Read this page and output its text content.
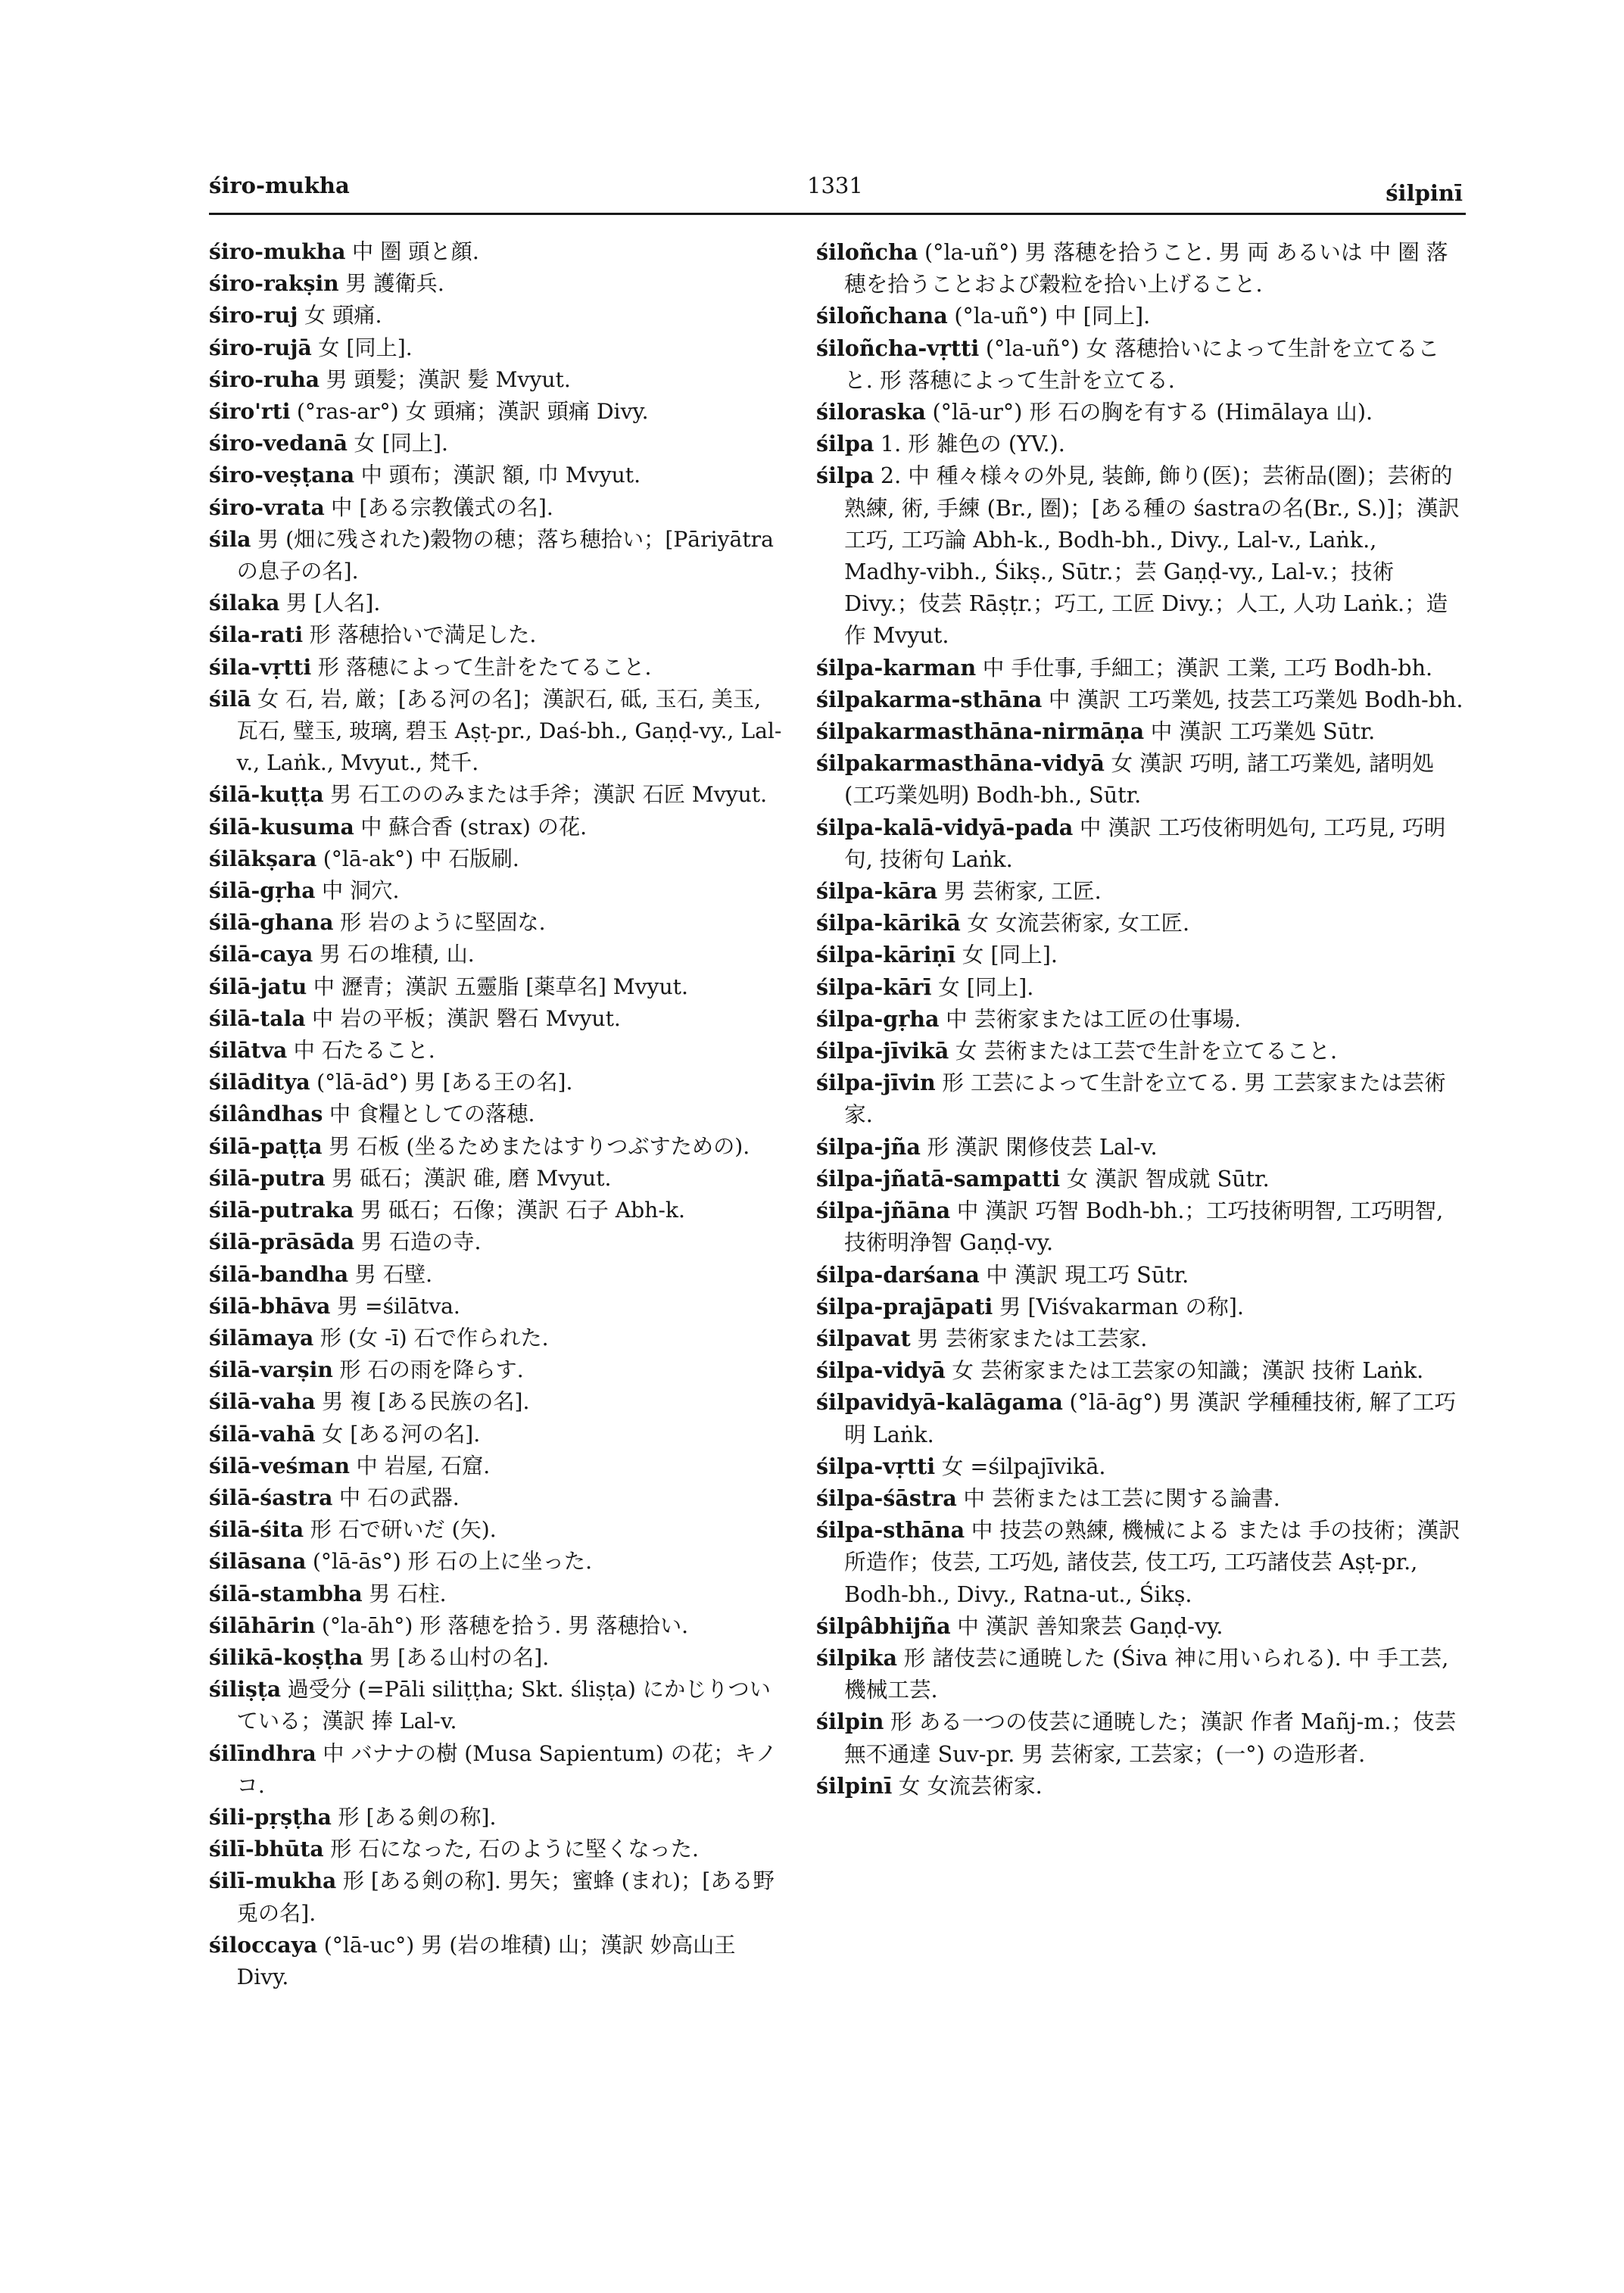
śiro-mukha	1331	śilpinī

śiro-mukha 中 圏 頭と顔.

śiro-rakṣin 男 護衛兵.

śiro-ruj 女 頭痛.

śiro-rujā 女 [同上].

śiro-ruha 男 頭髪；漢訳 髪 Mvyut.

śiro'rti (°ras-ar°) 女 頭痛；漢訳 頭痛 Divy.

śiro-vedanā 女 [同上].

śiro-veṣṭana 中 頭布；漢訳 額, 巾 Mvyut.

śiro-vrata 中 [ある宗教儀式の名].

śila 男 (畑に残された)穀物の穂；落ち穂拾い；[Pāriyātra の息子の名].

śilaka 男 [人名].

śila-rati 形 落穂拾いで満足した.

śila-vṛtti 形 落穂によって生計をたてること.

śilā 女 石, 岩, 厳；[ある河の名]；漢訳石, 砥, 玉石, 美玉, 瓦石, 璧玉, 玻璃, 碧玉 Aṣṭ-pr., Daś-bh., Gaṇḍ-vy., Lal-v., Laṅk., Mvyut., 梵千.

śilā-kuṭṭa 男 石工ののみまたは手斧；漢訳 石匠 Mvyut.

śilā-kusuma 中 蘇合香 (strax) の花.

śilākṣara (°lā-ak°) 中 石版刷.

śilā-gṛha 中 洞穴.

śilā-ghana 形 岩のように堅固な.

śilā-caya 男 石の堆積, 山.

śilā-jatu 中 瀝青；漢訳 五靈脂 [薬草名] Mvyut.

śilā-tala 中 岩の平板；漢訳 䃜石 Mvyut.

śilātva 中 石たること.

śilāditya (°lā-ād°) 男 [ある王の名].

śilândhas 中 食糧としての落穂.

śilā-paṭṭa 男 石板 (坐るためまたはすりつぶすための).

śilā-putra 男 砥石；漢訳 碓, 磨 Mvyut.

śilā-putraka 男 砥石；石像；漢訳 石子 Abh-k.

śilā-prāsāda 男 石造の寺.

śilā-bandha 男 石壁.

śilā-bhāva 男 =śilātva.

śilāmaya 形 (女 -ī) 石で作られた.

śilā-varṣin 形 石の雨を降らす.

śilā-vaha 男 複 [ある民族の名].

śilā-vahā 女 [ある河の名].

śilā-veśman 中 岩屋, 石窟.

śilā-śastra 中 石の武器.

śilā-śita 形 石で研いだ (矢).

śilāsana (°lā-ās°) 形 石の上に坐った.

śilā-stambha 男 石柱.

śilāhārin (°la-āh°) 形 落穂を拾う. 男 落穂拾い.

śilikā-koṣṭha 男 [ある山村の名].

śiliṣṭa 過受分 (=Pāli siliṭṭha; Skt. śliṣṭa) にかじりついている；漢訳 捧 Lal-v.

śilīndhra 中 バナナの樹 (Musa Sapientum) の花；キノコ.

śili-pṛṣṭha 形 [ある剣の称].

śilī-bhūta 形 石になった, 石のように堅くなった.

śilī-mukha 形 [ある剣の称]. 男矢；蜜蜂 (まれ)；[ある野兎の名].

śiloccaya (°lā-uc°) 男 (岩の堆積) 山；漢訳 妙高山王 Divy.

śiloñcha (°la-uñ°) 男 落穂を拾うこと. 男 両 あるいは 中 圏 落穂を拾うことおよび穀粒を拾い上げること.

śiloñchana (°la-uñ°) 中 [同上].

śiloñcha-vṛtti (°la-uñ°) 女 落穂拾いによって生計を立てること. 形 落穂によって生計を立てる.

śiloraska (°lā-ur°) 形 石の胸を有する (Himālaya 山).

śilpa 1. 形 雑色の (YV.).

śilpa 2. 中 種々様々の外見, 装飾, 飾り(医)；芸術品(圏)；芸術的熟練, 術, 手練 (Br., 圏)；[ある種の śastraの名(Br., S.)]；漢訳工巧, 工巧論 Abh-k., Bodh-bh., Divy., Lal-v., Laṅk., Madhy-vibh., Śikṣ., Sūtr.；芸 Gaṇḍ-vy., Lal-v.；技術 Divy.；伎芸 Rāṣṭr.；巧工, 工匠 Divy.；人工, 人功 Laṅk.；造作 Mvyut.

śilpa-karman 中 手仕事, 手細工；漢訳 工業, 工巧 Bodh-bh.

śilpakarma-sthāna 中 漢訳 工巧業処, 技芸工巧業処 Bodh-bh.

śilpakarmasthāna-nirmāṇa 中 漢訳 工巧業処 Sūtr.

śilpakarmasthāna-vidyā 女 漢訳 巧明, 諸工巧業処, 諸明処 (工巧業処明) Bodh-bh., Sūtr.

śilpa-kalā-vidyā-pada 中 漢訳 工巧伎術明処句, 工巧見, 巧明句, 技術句 Laṅk.

śilpa-kāra 男 芸術家, 工匠.

śilpa-kārikā 女 女流芸術家, 女工匠.

śilpa-kāriṇī 女 [同上].

śilpa-kārī 女 [同上].

śilpa-gṛha 中 芸術家または工匠の仕事場.

śilpa-jīvikā 女 芸術または工芸で生計を立てること.

śilpa-jīvin 形 工芸によって生計を立てる. 男 工芸家または芸術家.

śilpa-jña 形 漢訳 閑修伎芸 Lal-v.

śilpa-jñatā-sampatti 女 漢訳 智成就 Sūtr.

śilpa-jñāna 中 漢訳 巧智 Bodh-bh.；工巧技術明智, 工巧明智, 技術明浄智 Gaṇḍ-vy.

śilpa-darśana 中 漢訳 現工巧 Sūtr.

śilpa-prajāpati 男 [Viśvakarman の称].

śilpavat 男 芸術家または工芸家.

śilpa-vidyā 女 芸術家または工芸家の知識；漢訳 技術 Laṅk.

śilpavidyā-kalāgama (°lā-āg°) 男 漢訳 学種種技術, 解了工巧明 Laṅk.

śilpa-vṛtti 女 =śilpajīvikā.

śilpa-śāstra 中 芸術または工芸に関する論書.

śilpa-sthāna 中 技芸の熟練, 機械による または 手の技術；漢訳 所造作；伎芸, 工巧処, 諸伎芸, 伎工巧, 工巧諸伎芸 Aṣṭ-pr., Bodh-bh., Divy., Ratna-ut., Śikṣ.

śilpâbhijña 中 漢訳 善知衆芸 Gaṇḍ-vy.

śilpika 形 諸伎芸に通暁した (Śiva 神に用いられる). 中 手工芸, 機械工芸.

śilpin 形 ある一つの伎芸に通暁した；漢訳 作者 Mañj-m.；伎芸無不通達 Suv-pr. 男 芸術家, 工芸家；(一°) の造形者.

śilpinī 女 女流芸術家.
